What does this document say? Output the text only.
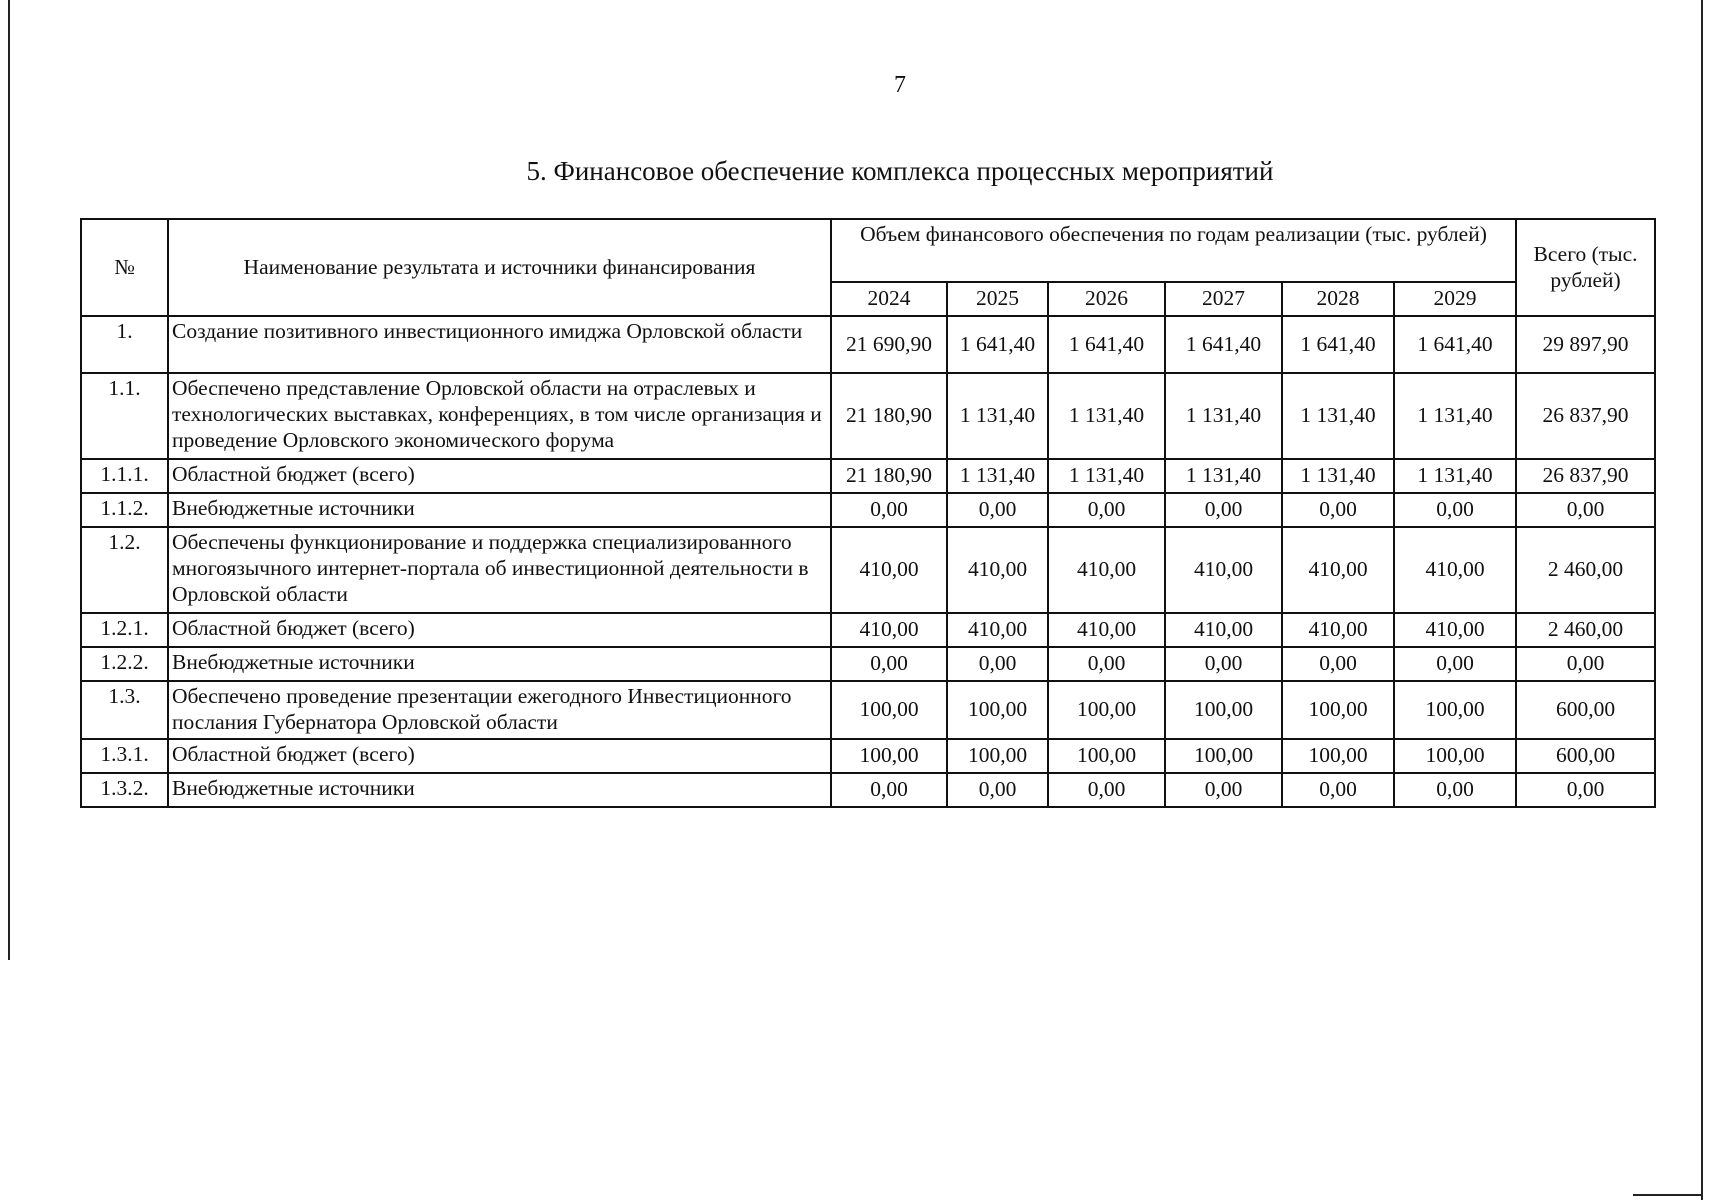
7
5. Финансовое обеспечение комплекса процессных мероприятий
№	Наименование результата и источники финансирования	Объем финансового обеспечения по годам реализации (тыс. рублей)						Всего (тыс. рублей)
		2024	2025	2026	2027	2028	2029	
1.	Создание позитивного инвестиционного имиджа Орловской области	21 690,90	1 641,40	1 641,40	1 641,40	1 641,40	1 641,40	29 897,90
1.1.	Обеспечено представление Орловской области на отраслевых и технологических выставках, конференциях, в том числе организация и проведение Орловского экономического форума	21 180,90	1 131,40	1 131,40	1 131,40	1 131,40	1 131,40	26 837,90
1.1.1.	Областной бюджет (всего)	21 180,90	1 131,40	1 131,40	1 131,40	1 131,40	1 131,40	26 837,90
1.1.2.	Внебюджетные источники	0,00	0,00	0,00	0,00	0,00	0,00	0,00
1.2.	Обеспечены функционирование и поддержка специализированного многоязычного интернет-портала об инвестиционной деятельности в Орловской области	410,00	410,00	410,00	410,00	410,00	410,00	2 460,00
1.2.1.	Областной бюджет (всего)	410,00	410,00	410,00	410,00	410,00	410,00	2 460,00
1.2.2.	Внебюджетные источники	0,00	0,00	0,00	0,00	0,00	0,00	0,00
1.3.	Обеспечено проведение презентации ежегодного Инвестиционного послания Губернатора Орловской области	100,00	100,00	100,00	100,00	100,00	100,00	600,00
1.3.1.	Областной бюджет (всего)	100,00	100,00	100,00	100,00	100,00	100,00	600,00
1.3.2.	Внебюджетные источники	0,00	0,00	0,00	0,00	0,00	0,00	0,00
